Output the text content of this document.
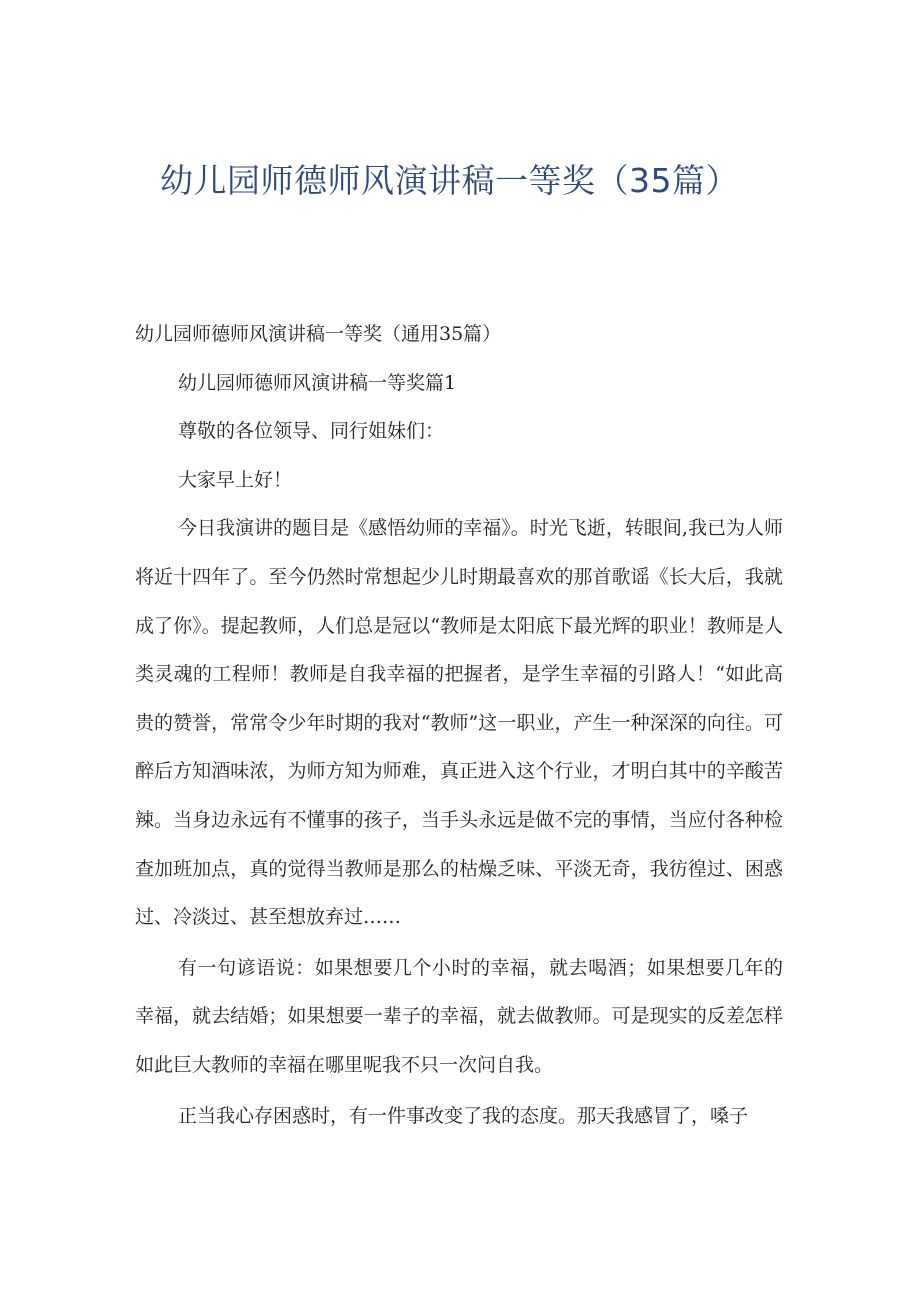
幼儿园师德师风演讲稿一等奖（35篇）

幼儿园师德师风演讲稿一等奖（通用35篇）

幼儿园师德师风演讲稿一等奖篇1

尊敬的各位领导、同行姐妹们：

大家早上好！

今日我演讲的题目是《感悟幼师的幸福》。时光飞逝，转眼间,我已为人师将近十四年了。至今仍然时常想起少儿时期最喜欢的那首歌谣《长大后，我就成了你》。提起教师，人们总是冠以“教师是太阳底下最光辉的职业！教师是人类灵魂的工程师！教师是自我幸福的把握者，是学生幸福的引路人！“如此高贵的赞誉，常常令少年时期的我对“教师”这一职业，产生一种深深的向往。可醉后方知酒味浓，为师方知为师难，真正进入这个行业，才明白其中的辛酸苦辣。当身边永远有不懂事的孩子，当手头永远是做不完的事情，当应付各种检查加班加点，真的觉得当教师是那么的枯燥乏味、平淡无奇，我彷徨过、困惑过、冷淡过、甚至想放弃过……

有一句谚语说：如果想要几个小时的幸福，就去喝酒；如果想要几年的幸福，就去结婚；如果想要一辈子的幸福，就去做教师。可是现实的反差怎样如此巨大教师的幸福在哪里呢我不只一次问自我。

正当我心存困惑时，有一件事改变了我的态度。那天我感冒了，嗓子
